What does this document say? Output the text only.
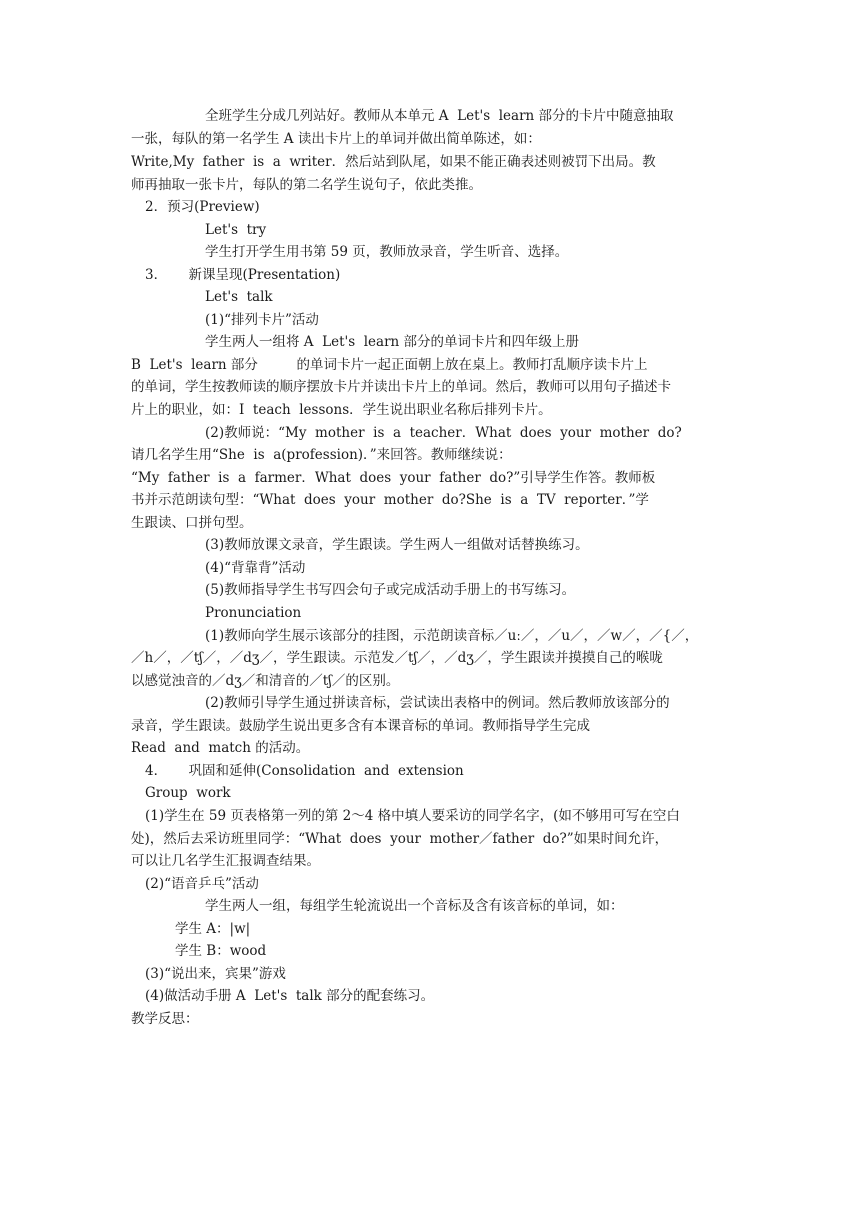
全班学生分成几列站好。教师从本单元 A  Let's  learn 部分的卡片中随意抽取

一张，每队的第一名学生 A 读出卡片上的单词并做出简单陈述，如：

Write,My  father  is  a  writer．然后站到队尾，如果不能正确表述则被罚下出局。教

师再抽取一张卡片，每队的第二名学生说句子，依此类推。

2．预习(Preview)

Let's  try

学生打开学生用书第 59 页，教师放录音，学生听音、选择。

3．     新课呈现(Presentation)

Let's  talk

(1)“排列卡片”活动

学生两人一组将 A  Let's  learn 部分的单词卡片和四年级上册

B  Let's  learn 部分         的单词卡片一起正面朝上放在桌上。教师打乱顺序读卡片上

的单词，学生按教师读的顺序摆放卡片并读出卡片上的单词。然后，教师可以用句子描述卡

片上的职业，如：I  teach  lessons．学生说出职业名称后排列卡片。

(2)教师说：“My  mother  is  a  teacher．What  does  your  mother  do?

请几名学生用“She  is  a(profession)．”来回答。教师继续说：

“My  father  is  a  farmer．What  does  your  father  do?”引导学生作答。教师板

书并示范朗读句型：“What  does  your  mother  do?She  is  a  TV  reporter．”学

生跟读、口拼句型。

(3)教师放课文录音，学生跟读。学生两人一组做对话替换练习。

(4)“背靠背”活动

(5)教师指导学生书写四会句子或完成活动手册上的书写练习。

Pronunciation

(1)教师向学生展示该部分的挂图，示范朗读音标／uː／，／u／，／w／，／{／，

／h／，／tʃ／，／dʒ／，学生跟读。示范发／tʃ／，／dʒ／，学生跟读并摸摸自己的喉咙

以感觉浊音的／dʒ／和清音的／tʃ／的区别。

(2)教师引导学生通过拼读音标，尝试读出表格中的例词。然后教师放该部分的

录音，学生跟读。鼓励学生说出更多含有本课音标的单词。教师指导学生完成

Read  and  match 的活动。

4．     巩固和延伸(Consolidation  and  extension

Group  work

(1)学生在 59 页表格第一列的第 2～4 格中填人要采访的同学名字，(如不够用可写在空白

处)，然后去采访班里同学：“What  does  your  mother／father  do?”如果时间允许，

可以让几名学生汇报调查结果。

(2)“语音乒乓”活动

学生两人一组，每组学生轮流说出一个音标及含有该音标的单词，如：

学生 A：|w|

学生 B：wood

(3)“说出来，宾果”游戏

(4)做活动手册 A  Let's  talk 部分的配套练习。

教学反思：
